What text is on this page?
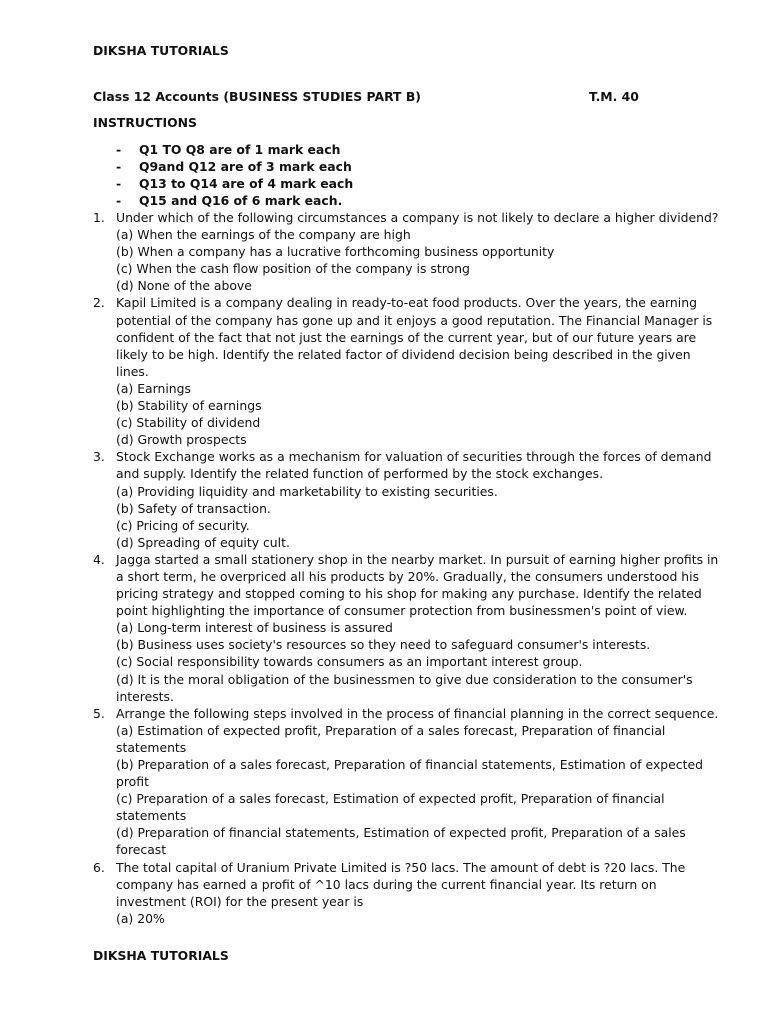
DIKSHA TUTORIALS
Class 12 Accounts (BUSINESS STUDIES PART B)	T.M. 40
INSTRUCTIONS
- Q1 TO Q8 are of 1 mark each
- Q9and Q12 are of 3 mark each
- Q13 to Q14 are of 4 mark each
- Q15 and Q16 of 6 mark each.
1. Under which of the following circumstances a company is not likely to declare a higher dividend?
(a) When the earnings of the company are high
(b) When a company has a lucrative forthcoming business opportunity
(c) When the cash flow position of the company is strong
(d) None of the above
2. Kapil Limited is a company dealing in ready-to-eat food products. Over the years, the earning
potential of the company has gone up and it enjoys a good reputation. The Financial Manager is
confident of the fact that not just the earnings of the current year, but of our future years are
likely to be high. Identify the related factor of dividend decision being described in the given
lines.
(a) Earnings
(b) Stability of earnings
(c) Stability of dividend
(d) Growth prospects
3. Stock Exchange works as a mechanism for valuation of securities through the forces of demand
and supply. Identify the related function of performed by the stock exchanges.
(a) Providing liquidity and marketability to existing securities.
(b) Safety of transaction.
(c) Pricing of security.
(d) Spreading of equity cult.
4. Jagga started a small stationery shop in the nearby market. In pursuit of earning higher profits in
a short term, he overpriced all his products by 20%. Gradually, the consumers understood his
pricing strategy and stopped coming to his shop for making any purchase. Identify the related
point highlighting the importance of consumer protection from businessmen's point of view.
(a) Long-term interest of business is assured
(b) Business uses society's resources so they need to safeguard consumer's interests.
(c) Social responsibility towards consumers as an important interest group.
(d) It is the moral obligation of the businessmen to give due consideration to the consumer's
interests.
5. Arrange the following steps involved in the process of financial planning in the correct sequence.
(a) Estimation of expected profit, Preparation of a sales forecast, Preparation of financial
statements
(b) Preparation of a sales forecast, Preparation of financial statements, Estimation of expected
profit
(c) Preparation of a sales forecast, Estimation of expected profit, Preparation of financial
statements
(d) Preparation of financial statements, Estimation of expected profit, Preparation of a sales
forecast
6. The total capital of Uranium Private Limited is ?50 lacs. The amount of debt is ?20 lacs. The
company has earned a profit of ^10 lacs during the current financial year. Its return on
investment (ROI) for the present year is
(a) 20%
DIKSHA TUTORIALS
